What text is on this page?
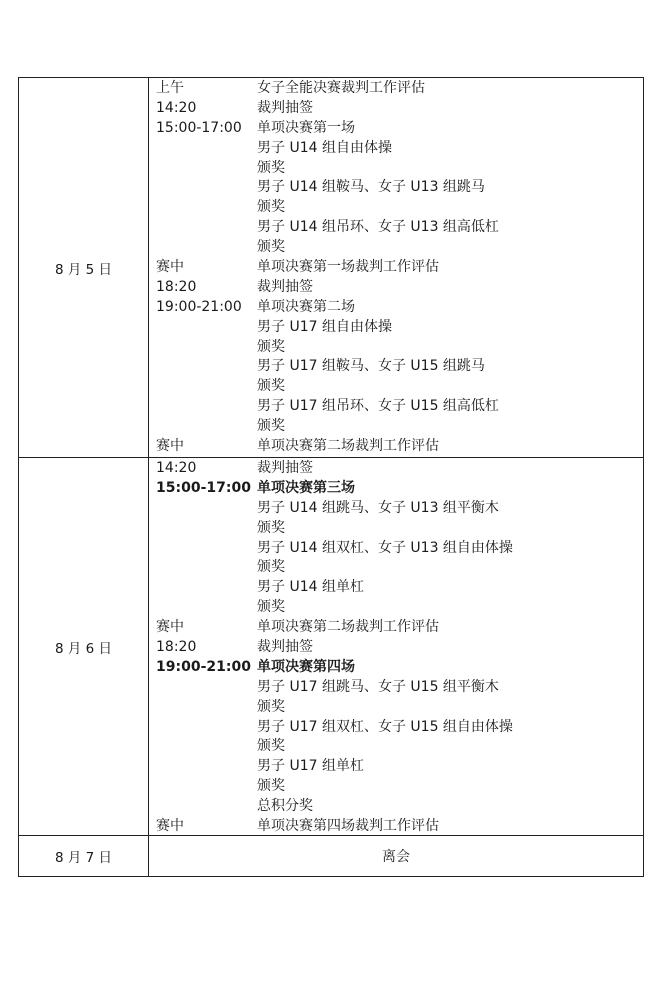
8 月 5 日
上午	女子全能决赛裁判工作评估
14:20	裁判抽签
15:00-17:00	单项决赛第一场
男子 U14 组自由体操
颁奖
男子 U14 组鞍马、女子 U13 组跳马
颁奖
男子 U14 组吊环、女子 U13 组高低杠
颁奖
赛中	单项决赛第一场裁判工作评估
18:20	裁判抽签
19:00-21:00	单项决赛第二场
男子 U17 组自由体操
颁奖
男子 U17 组鞍马、女子 U15 组跳马
颁奖
男子 U17 组吊环、女子 U15 组高低杠
颁奖
赛中	单项决赛第二场裁判工作评估
8 月 6 日
14:20	裁判抽签
15:00-17:00 单项决赛第三场
男子 U14 组跳马、女子 U13 组平衡木
颁奖
男子 U14 组双杠、女子 U13 组自由体操
颁奖
男子 U14 组单杠
颁奖
赛中	单项决赛第二场裁判工作评估
18:20	裁判抽签
19:00-21:00 单项决赛第四场
男子 U17 组跳马、女子 U15 组平衡木
颁奖
男子 U17 组双杠、女子 U15 组自由体操
颁奖
男子 U17 组单杠
颁奖
总积分奖
赛中	单项决赛第四场裁判工作评估
8 月 7 日	离会
